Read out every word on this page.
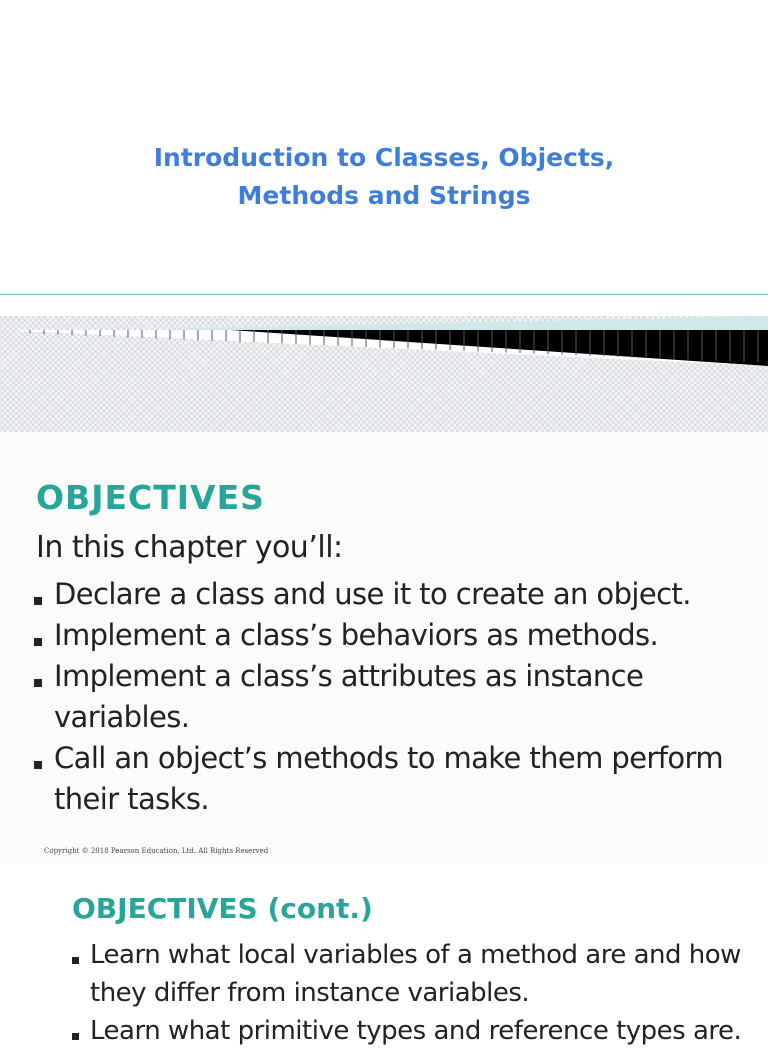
Introduction to Classes, Objects,
Methods and Strings
OBJECTIVES

In this chapter you’ll:

Declare a class and use it to create an object.
Implement a class’s behaviors as methods.
Implement a class’s attributes as instance variables.
Call an object’s methods to make them perform their tasks.
Copyright © 2018 Pearson Education, Ltd. All Rights Reserved
OBJECTIVES (cont.)
Learn what local variables of a method are and how they differ from instance variables.
Learn what primitive types and reference types are.
